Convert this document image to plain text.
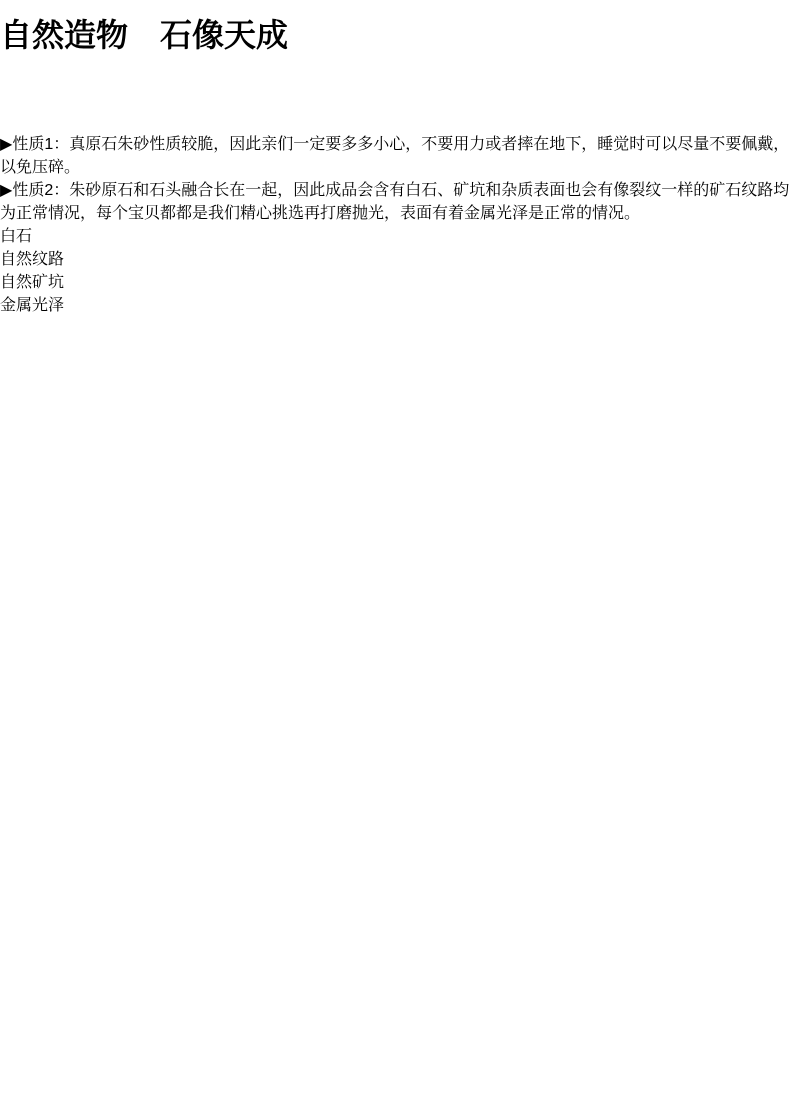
自然造物　石像天成

▶性质1：真原石朱砂性质较脆，因此亲们一定要多多小心，不要用力或者摔在地下，睡觉时可以尽量不要佩戴，以免压碎。

▶性质2：朱砂原石和石头融合长在一起，因此成品会含有白石、矿坑和杂质表面也会有像裂纹一样的矿石纹路均为正常情况，每个宝贝都都是我们精心挑选再打磨抛光，表面有着金属光泽是正常的情况。

白石
自然纹路
自然矿坑
金属光泽
